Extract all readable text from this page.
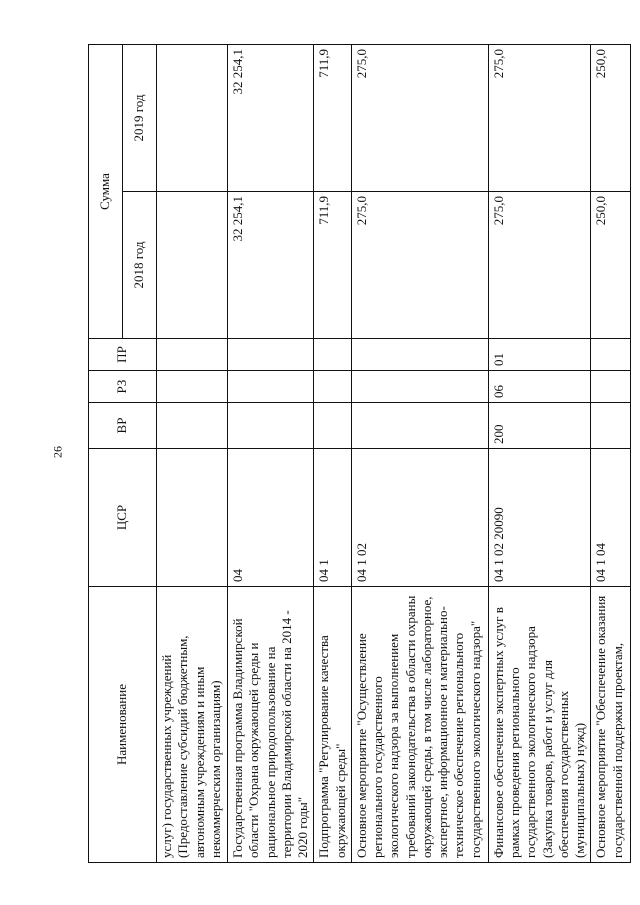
26
Наименование	ЦСР	ВР	РЗ	ПР	Сумма	
					2018 год	2019 год
услуг) государственных учреждений (Предоставление субсидий бюджетным, автономным учреждениям и иным некоммерческим организациям)						
Государственная программа Владимирской области "Охрана окружающей среды и рациональное природопользование на территории Владимирской области на 2014 - 2020 годы"	04				32 254,1	32 254,1
Подпрограмма "Регулирование качества окружающей среды"	04 1				711,9	711,9
Основное мероприятие "Осуществление регионального государственного экологического надзора за выполнением требований законодательства в области охраны окружающей среды, в том числе лабораторное, экспертное, информационное и материально-техническое обеспечение регионального государственного экологического надзора"	04 1 02				275,0	275,0
Финансовое обеспечение экспертных услуг в рамках проведения регионального государственного экологического надзора (Закупка товаров, работ и услуг для обеспечения государственных (муниципальных) нужд)	04 1 02 20090	200	06	01	275,0	275,0
Основное мероприятие "Обеспечение оказания государственной поддержки проектам,	04 1 04				250,0	250,0
